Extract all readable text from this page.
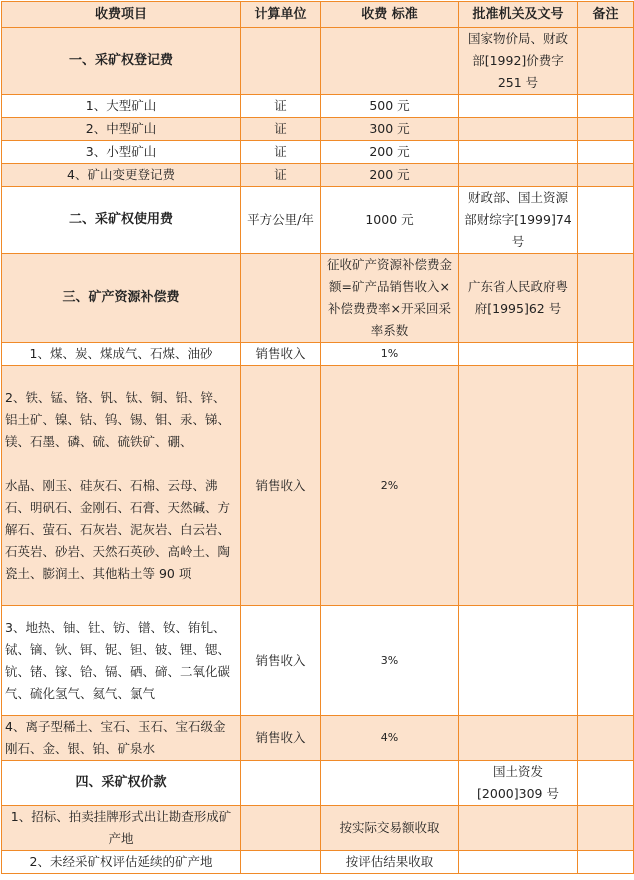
收费项目	计算单位	收费 标准	批准机关及文号	备注
一、采矿权登记费			国家物价局、财政部[1992]价费字 251 号	
1、大型矿山	证	500 元		
2、中型矿山	证	300 元		
3、小型矿山	证	200 元		
4、矿山变更登记费	证	200 元		
二、采矿权使用费	平方公里/年	1000 元	财政部、国土资源部财综字[1999]74 号	
三、矿产资源补偿费		征收矿产资源补偿费金额=矿产品销售收入×补偿费费率×开采回采率系数	广东省人民政府粤府[1995]62 号	
1、煤、炭、煤成气、石煤、油砂	销售收入	1%		
2、铁、锰、铬、钒、钛、铜、铅、锌、铝土矿、镍、钴、钨、锡、钼、汞、锑、镁、石墨、磷、硫、硫铁矿、硼、
水晶、刚玉、硅灰石、石棉、云母、沸石、明矾石、金刚石、石膏、天然碱、方解石、萤石、石灰岩、泥灰岩、白云岩、石英岩、砂岩、天然石英砂、高岭土、陶瓷土、膨润土、其他粘土等 90 项	销售收入	2%		
3、地热、铀、钍、钫、镨、钕、铕钆、铽、镝、钬、铒、铌、钽、铍、锂、锶、钪、锗、镓、铪、镉、硒、碲、二氧化碳气、硫化氢气、氦气、氯气	销售收入	3%		
4、离子型稀土、宝石、玉石、宝石级金刚石、金、银、铂、矿泉水	销售收入	4%		
四、采矿权价款			国土资发[2000]309 号	
1、招标、拍卖挂牌形式出让勘查形成矿产地		按实际交易额收取		
2、未经采矿权评估延续的矿产地		按评估结果收取		
